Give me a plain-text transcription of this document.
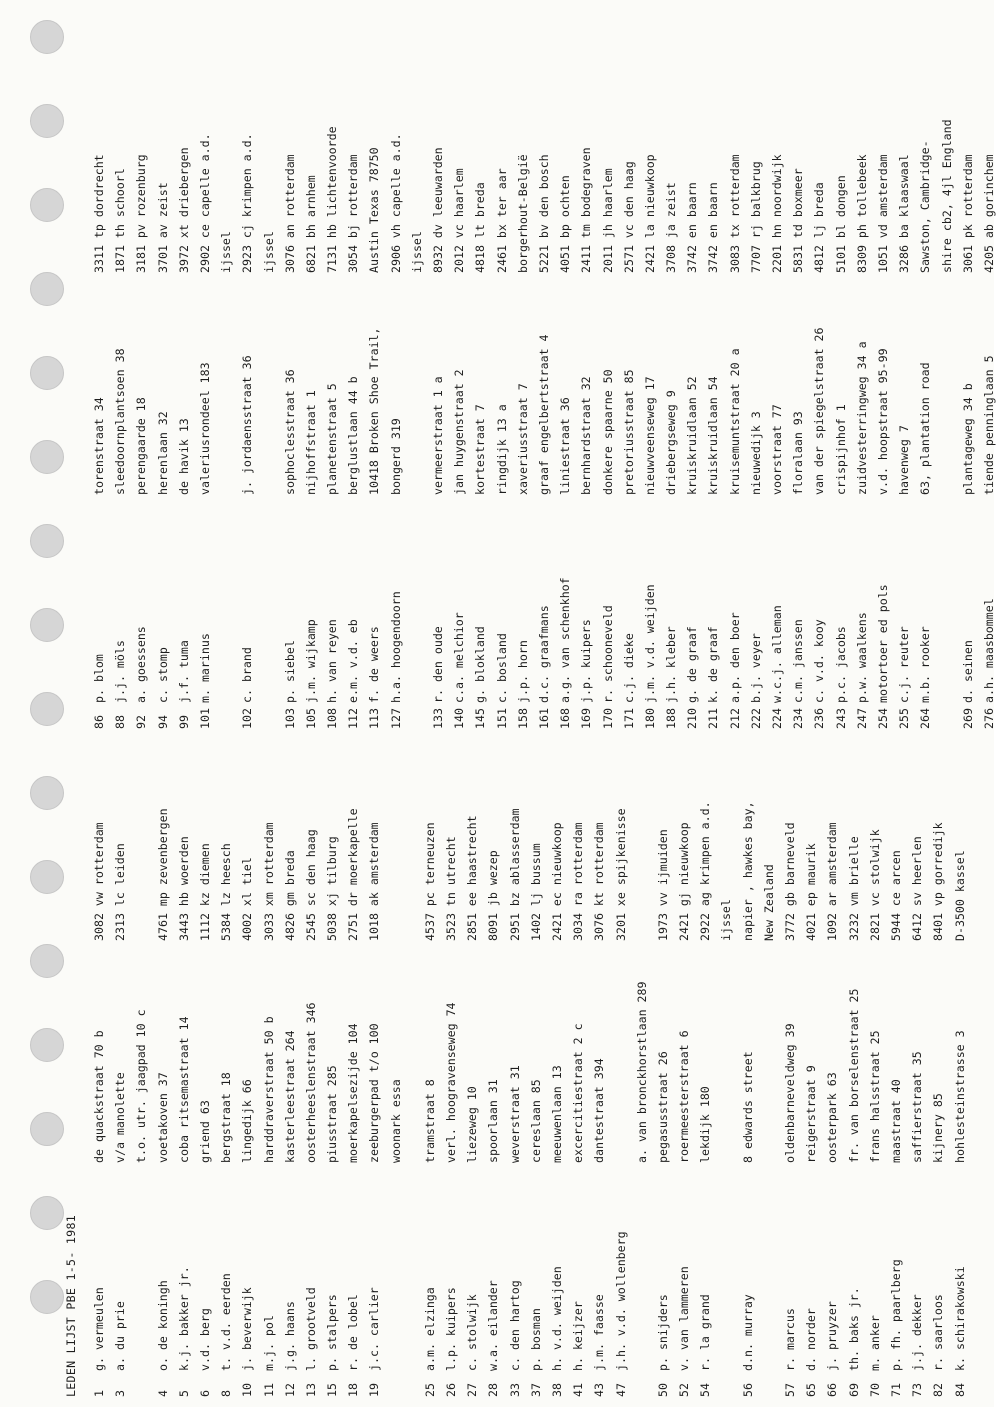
LEDEN LIJST PBE 1-5- 1981 1g. vermeulende quackstraat 70 b3082 vw rotterdam
3a. du priev/a manolette2313 lc leiden
t.o. utr. jaagpad 10 c
4o. de koninghvoetakoven 374761 mp zevenbergen
5k.j. bakker jr.coba ritsemastraat 143443 hb woerden
6v.d. berggriend 631112 kz diemen
8t. v.d. eerdenbergstraat 185384 lz heesch
10j. beverwijklingedijk 664002 xl tiel
11m.j. polharddraverstraat 50 b3033 xm rotterdam
12j.g. haanskasterleestraat 2644826 gm breda
13l. grootveldoosterheeslenstraat 3462545 sc den haag
15p. stalperspiusstraat 2855038 xj tilburg
18r. de lobelmoerkapelsezijde 1042751 dr moerkapelle
19j.c. carlierzeeburgerpad t/o 1001018 ak amsterdam
woonark essa
25a.m. elzingatramstraat 84537 pc terneuzen
26l.p. kuipersverl. hoogravenseweg 743523 tn utrecht
27c. stolwijkliezeweg 102851 ee haastrecht
28w.a. eilanderspoorlaan 318091 jb wezep
33c. den hartogweverstraat 312951 bz ablasserdam
37p. bosmancereslaan 851402 lj bussum
38h. v.d. weijdenmeeuwenlaan 132421 ec nieuwkoop
41h. keijzerexcercitiestraat 2 c3034 ra rotterdam
43j.m. faassedantestraat 3943076 kt rotterdam
47j.h. v.d. wollenberg3201 xe spijkenisse
a. van bronckhorstlaan 289
50p. snijderspegasusstraat 261973 vv ijmuiden
52v. van lammerenroermeesterstraat 62421 gj nieuwkoop
54r. la grandlekdijk 1802922 ag krimpen a.d. ijssel
56d.n. murray8 edwards streetnapier , hawkes bay, New Zealand
57r. marcusoldenbarneveldweg 393772 gb barneveld
65d. norderreigerstraat 94021 ep maurik
66j. pruyzeroosterpark 631092 ar amsterdam
69th. baks jr.fr. van borselenstraat 253232 vm brielle
70m. ankerfrans halsstraat 252821 vc stolwijk
71p. fh. paarlbergmaastraat 405944 ce arcen
73j.j. dekkersaffierstraat 356412 sv heerlen
82r. saarlooskijnery 858401 vp gorredijk
84k. schirakowskihohlesteinstrasse 3D-3500 kassel
86p. blomtorenstraat 343311 tp dordrecht
88j.j. mölssleedoornplantsoen 381871 th schoorl
92a. goessensperengaarde 183181 pv rozenburg
94c. stompherenlaan 323701 av zeist
99j.f. tumade havik 133972 xt driebergen
101m. marinusvaleriusrondeel 1832902 ce capelle a.d. ijssel
102c. brandj. jordaensstraat 362923 cj krimpen a.d. ijssel
103p. siebelsophoclesstraat 363076 an rotterdam
105j.m. wijkampnijhoffstraat 16821 bh arnhem
108h. van reyenplanetenstraat 57131 hb lichtenvoorde
112e.m. v.d. ebberglustlaan 44 b3054 bj rotterdam
113f. de weers10418 Broken Shoe Trail,Austin Texas 78750
127h.a. hoogendoornbongerd 3192906 vh capelle a.d. ijssel
133r. den oudevermeerstraat 1 a8932 dv leeuwarden
140c.a. melchiorjan huygenstraat 22012 vc haarlem
145g. bloklandkortestraat 74818 lt breda
151c. boslandringdijk 13 a2461 bx ter aar
158j.p. hornxaveriusstraat 7borgerhout-België
161d.c. graafmansgraaf engelbertstraat 45221 bv den bosch
168a.g. van schenkhofliniestraat 364051 bp ochten
169j.p. kuipersbernhardstraat 322411 tm bodegraven
170r. schoonevelddonkere spaarne 502011 jh haarlem
171c.j. diekepretoriusstraat 852571 vc den haag
180j.m. v.d. weijdennieuwveenseweg 172421 la nieuwkoop
188j.h. kleberdriebergseweg 93708 ja zeist
210g. de graafkruiskruidlaan 523742 en baarn
211k. de graafkruiskruidlaan 543742 en baarn
212a.p. den boerkruisemuntstraat 20 a3083 tx rotterdam
222b.j. veyernieuwedijk 37707 rj balkbrug
224w.c.j. allemanvoorstraat 772201 hn noordwijk
234c.m. janssenfloralaan 935831 td boxmeer
236c. v.d. kooyvan der spiegelstraat 264812 lj breda
243p.c. jacobscrispijnhof 15101 bl dongen
247p.w. waalkenszuidvesterringweg 34 a8309 ph tollebeek
254motortoer ed polsv.d. hoopstraat 95-991051 vd amsterdam
255c.j. reuterhavenweg 73286 ba klaaswaal
264m.b. rooker63, plantation roadSawston, Cambridge- shire cb2, 4jl England
269d. seinenplantageweg 34 b3061 pk rotterdam
276a.h. maasbommeltiende penninglaan 54205 ab gorinchem
